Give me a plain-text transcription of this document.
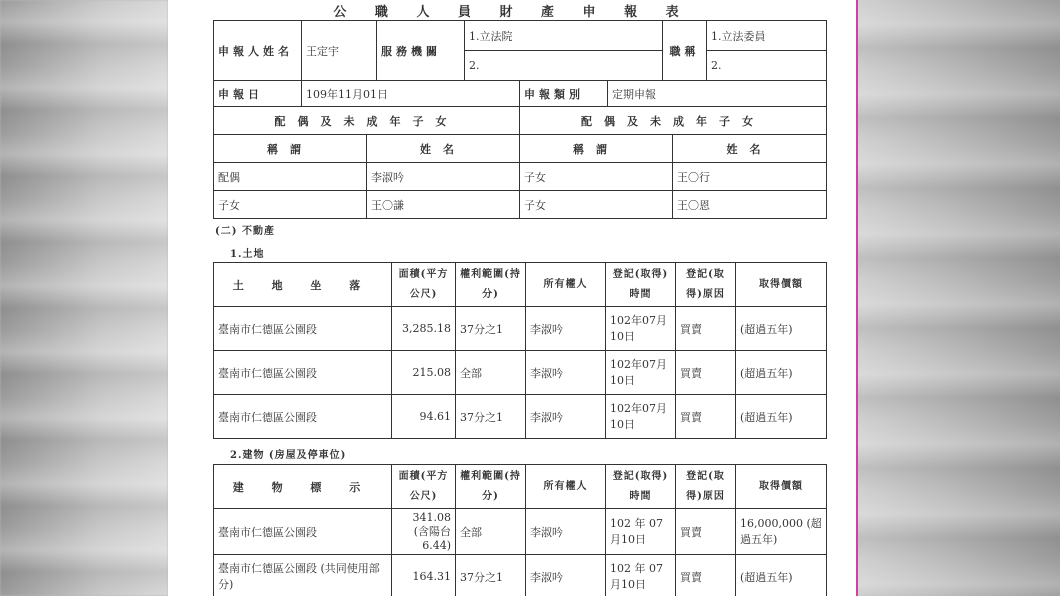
公 職 人 員 財 產 申 報 表
申報人姓名	王定宇	服務機關	1.立法院	職稱	1.立法委員
			2.		2.
申報日	109年11月01日	申報類別	定期申報
配偶及未成年子女		配偶及未成年子女	
稱謂	姓名	稱謂	姓名
配偶	李淑吟	子女	王〇行
子女	王〇謙	子女	王〇恩
(二) 不動產
1.土地
土 地 坐 落	面積(平方公尺)	權利範圍(持分)	所有權人	登記(取得)時間	登記(取得)原因	取得價額
臺南市仁德區公園段	3,285.18	37分之1	李淑吟	102年07月10日	買賣	(超過五年)
臺南市仁德區公園段	215.08	全部	李淑吟	102年07月10日	買賣	(超過五年)
臺南市仁德區公園段	94.61	37分之1	李淑吟	102年07月10日	買賣	(超過五年)
2.建物 (房屋及停車位)
建 物 標 示	面積(平方公尺)	權利範圍(持分)	所有權人	登記(取得)時間	登記(取得)原因	取得價額
臺南市仁德區公園段	341.08 (含陽台 6.44)	全部	李淑吟	102 年 07 月10日	買賣	16,000,000 (超過五年)
臺南市仁德區公園段 (共同使用部分)	164.31	37分之1	李淑吟	102 年 07 月10日	買賣	(超過五年)
